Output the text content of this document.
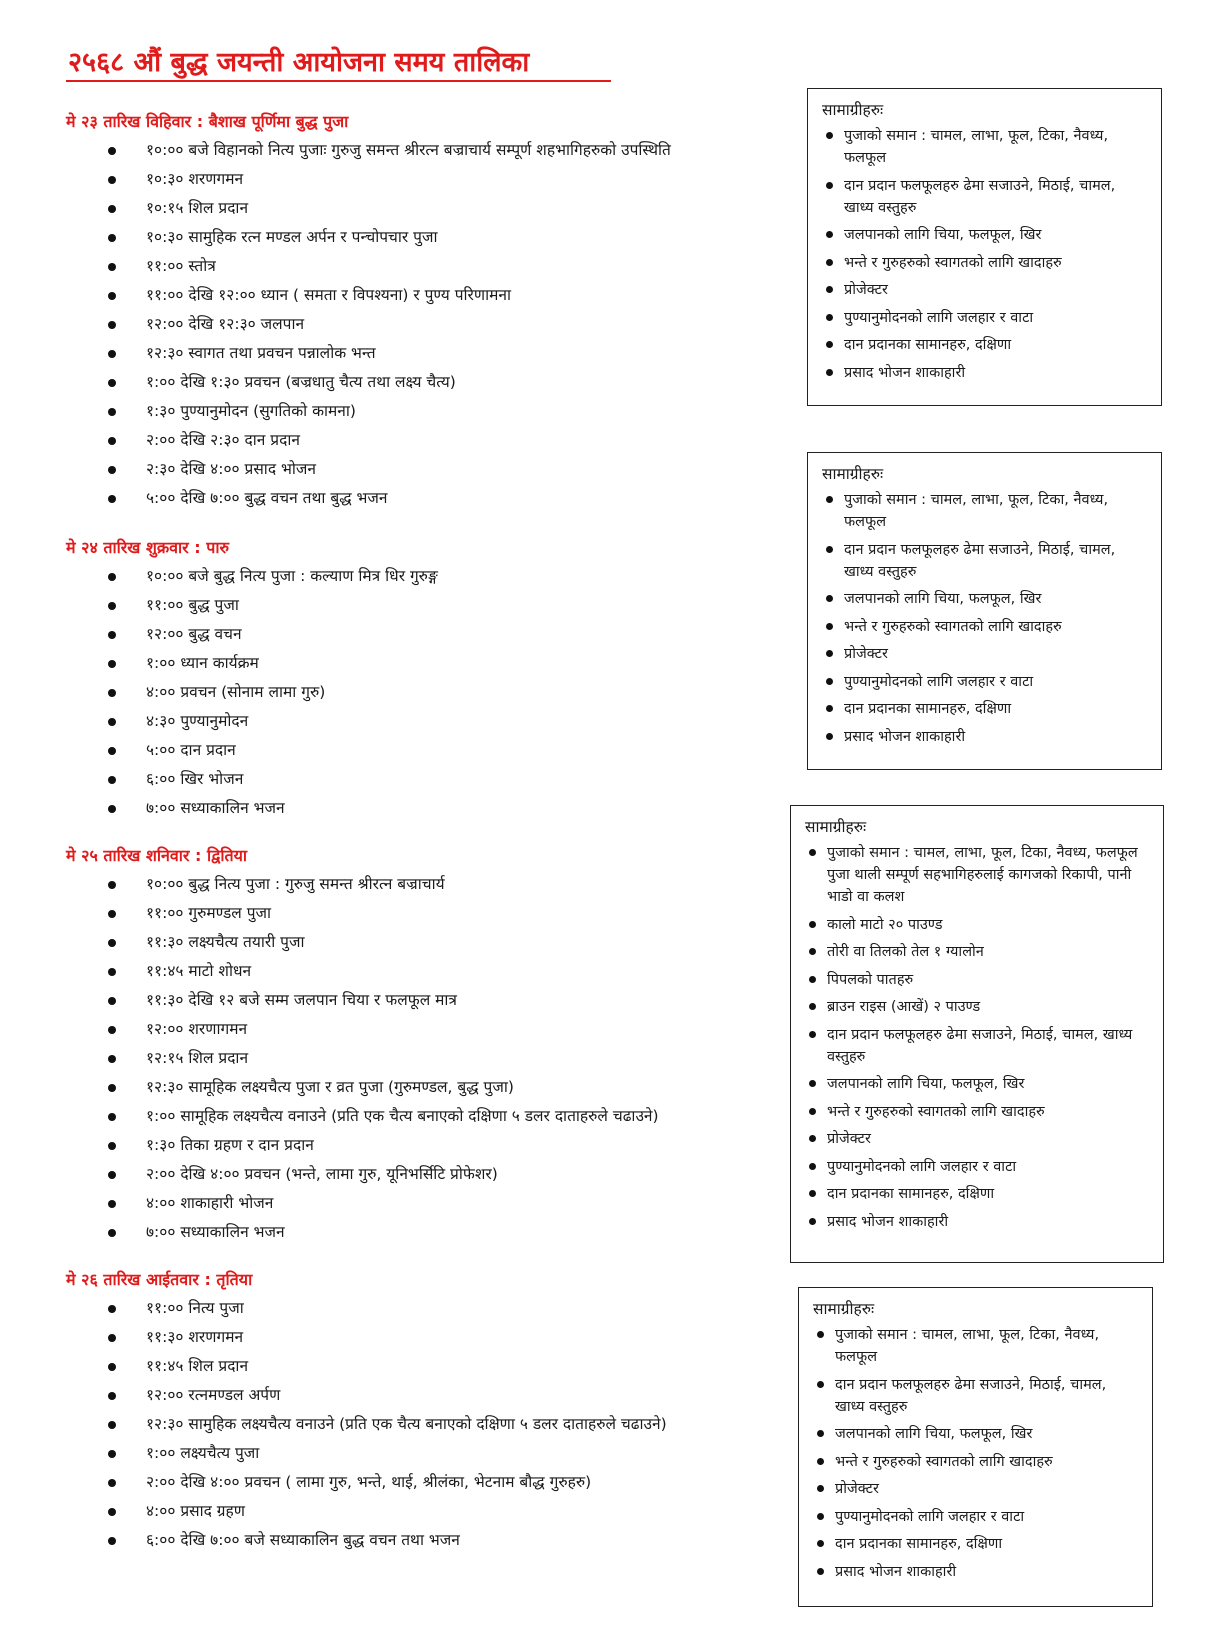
२५६८ औं बुद्ध जयन्ती आयोजना समय तालिका
मे २३ तारिख विहिवार : बैशाख पूर्णिमा बुद्ध पुजा
१०:०० बजे विहानको नित्य पुजाः गुरुजु समन्त श्रीरत्न बज्राचार्य सम्पूर्ण शहभागिहरुको उपस्थिति
१०:३० शरणगमन
१०:१५ शिल प्रदान
१०:३० सामुहिक रत्न मण्डल अर्पन र पन्चोपचार पुजा
११:०० स्तोत्र
११:०० देखि १२:०० ध्यान ( समता र विपश्यना) र पुण्य परिणामना
१२:०० देखि १२:३० जलपान
१२:३० स्वागत तथा प्रवचन पन्नालोक भन्त
१:०० देखि १:३० प्रवचन (बज्रधातु चैत्य तथा लक्ष्य चैत्य)
१:३० पुण्यानुमोदन (सुगतिको कामना)
२:०० देखि २:३० दान प्रदान
२:३० देखि ४:०० प्रसाद भोजन
५:०० देखि ७:०० बुद्ध वचन तथा बुद्ध भजन
मे २४ तारिख शुक्रवार : पारु
१०:०० बजे बुद्ध नित्य पुजा : कल्याण मित्र धिर गुरुङ्ग
११:०० बुद्ध पुजा
१२:०० बुद्ध वचन
१:०० ध्यान कार्यक्रम
४:०० प्रवचन (सोनाम लामा गुरु)
४:३० पुण्यानुमोदन
५:०० दान प्रदान
६:०० खिर भोजन
७:०० सध्याकालिन भजन
मे २५ तारिख शनिवार : द्वितिया
१०:०० बुद्ध नित्य पुजा : गुरुजु समन्त श्रीरत्न बज्राचार्य
११:०० गुरुमण्डल पुजा
११:३० लक्ष्यचैत्य तयारी पुजा
११:४५ माटो शोधन
११:३० देखि १२ बजे सम्म जलपान चिया र फलफूल मात्र
१२:०० शरणागमन
१२:१५ शिल प्रदान
१२:३० सामूहिक लक्ष्यचैत्य पुजा र व्रत पुजा (गुरुमण्डल, बुद्ध पुजा)
१:०० सामूहिक लक्ष्यचैत्य वनाउने (प्रति एक चैत्य बनाएको दक्षिणा ५ डलर दाताहरुले चढाउने)
१:३० तिका ग्रहण र दान प्रदान
२:०० देखि ४:०० प्रवचन (भन्ते, लामा गुरु, यूनिभर्सिटि प्रोफेशर)
४:०० शाकाहारी भोजन
७:०० सध्याकालिन भजन
मे २६ तारिख आईतवार : तृतिया
११:०० नित्य पुजा
११:३० शरणगमन
११:४५ शिल प्रदान
१२:०० रत्नमण्डल अर्पण
१२:३० सामुहिक लक्ष्यचैत्य वनाउने (प्रति एक चैत्य बनाएको दक्षिणा ५ डलर दाताहरुले चढाउने)
१:०० लक्ष्यचैत्य पुजा
२:०० देखि ४:०० प्रवचन ( लामा गुरु, भन्ते, थाई, श्रीलंका, भेटनाम बौद्ध गुरुहरु)
४:०० प्रसाद ग्रहण
६:०० देखि ७:०० बजे सध्याकालिन बुद्ध वचन तथा भजन

सामाग्रीहरुः

पुजाको समान : चामल, लाभा, फूल, टिका, नैवध्य, फलफूल
दान प्रदान फलफूलहरु ढेमा सजाउने, मिठाई, चामल, खाध्य वस्तुहरु
जलपानको लागि चिया, फलफूल, खिर
भन्ते र गुरुहरुको स्वागतको लागि खादाहरु
प्रोजेक्टर
पुण्यानुमोदनको लागि जलहार र वाटा
दान प्रदानका सामानहरु, दक्षिणा
प्रसाद भोजन शाकाहारी

सामाग्रीहरुः

पुजाको समान : चामल, लाभा, फूल, टिका, नैवध्य, फलफूल
दान प्रदान फलफूलहरु ढेमा सजाउने, मिठाई, चामल, खाध्य वस्तुहरु
जलपानको लागि चिया, फलफूल, खिर
भन्ते र गुरुहरुको स्वागतको लागि खादाहरु
प्रोजेक्टर
पुण्यानुमोदनको लागि जलहार र वाटा
दान प्रदानका सामानहरु, दक्षिणा
प्रसाद भोजन शाकाहारी

सामाग्रीहरुः

पुजाको समान : चामल, लाभा, फूल, टिका, नैवध्य, फलफूल पुजा थाली सम्पूर्ण सहभागिहरुलाई कागजको रिकापी, पानी भाडो वा कलश
कालो माटो २० पाउण्ड
तोरी वा तिलको तेल १ ग्यालोन
पिपलको पातहरु
ब्राउन राइस (आखें) २ पाउण्ड
दान प्रदान फलफूलहरु ढेमा सजाउने, मिठाई, चामल, खाध्य वस्तुहरु
जलपानको लागि चिया, फलफूल, खिर
भन्ते र गुरुहरुको स्वागतको लागि खादाहरु
प्रोजेक्टर
पुण्यानुमोदनको लागि जलहार र वाटा
दान प्रदानका सामानहरु, दक्षिणा
प्रसाद भोजन शाकाहारी

सामाग्रीहरुः

पुजाको समान : चामल, लाभा, फूल, टिका, नैवध्य, फलफूल
दान प्रदान फलफूलहरु ढेमा सजाउने, मिठाई, चामल, खाध्य वस्तुहरु
जलपानको लागि चिया, फलफूल, खिर
भन्ते र गुरुहरुको स्वागतको लागि खादाहरु
प्रोजेक्टर
पुण्यानुमोदनको लागि जलहार र वाटा
दान प्रदानका सामानहरु, दक्षिणा
प्रसाद भोजन शाकाहारी
